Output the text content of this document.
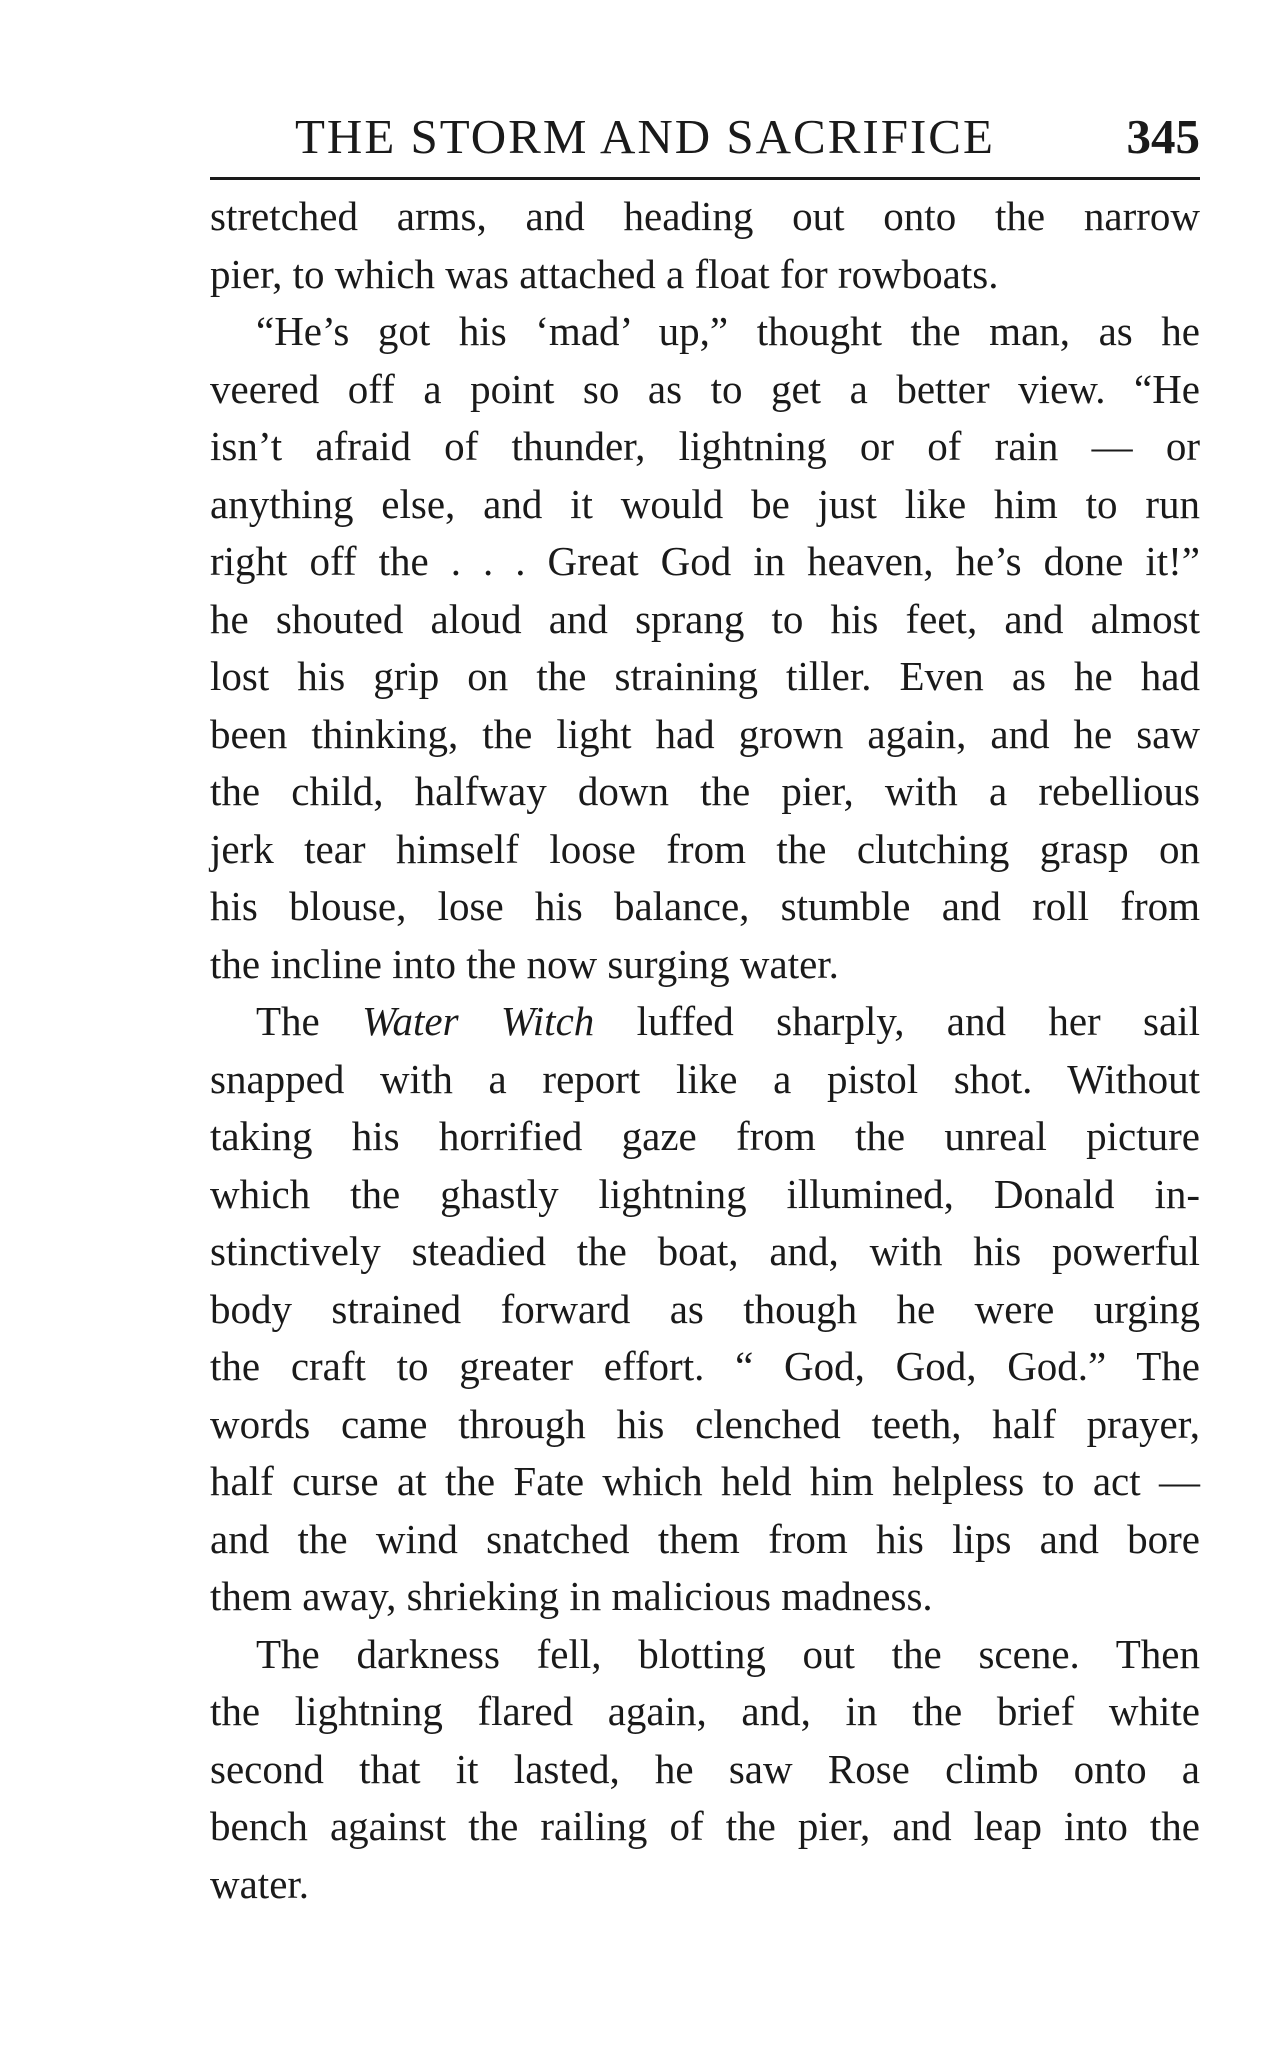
THE STORM AND SACRIFICE	345
stretched arms, and heading out onto the narrow
pier, to which was attached a float for rowboats.
“He’s got his ‘mad’ up,” thought the man, as he
veered off a point so as to get a better view. “He
isn’t afraid of thunder, lightning or of rain — or
anything else, and it would be just like him to run
right off the . . . Great God in heaven, he’s done it!”
he shouted aloud and sprang to his feet, and almost
lost his grip on the straining tiller. Even as he had
been thinking, the light had grown again, and he saw
the child, halfway down the pier, with a rebellious
jerk tear himself loose from the clutching grasp on
his blouse, lose his balance, stumble and roll from
the incline into the now surging water.
The Water Witch luffed sharply, and her sail
snapped with a report like a pistol shot. Without
taking his horrified gaze from the unreal picture
which the ghastly lightning illumined, Donald in-
stinctively steadied the boat, and, with his powerful
body strained forward as though he were urging
the craft to greater effort. “ God, God, God.” The
words came through his clenched teeth, half prayer,
half curse at the Fate which held him helpless to act —
and the wind snatched them from his lips and bore
them away, shrieking in malicious madness.
The darkness fell, blotting out the scene. Then
the lightning flared again, and, in the brief white
second that it lasted, he saw Rose climb onto a
bench against the railing of the pier, and leap into the
water.
